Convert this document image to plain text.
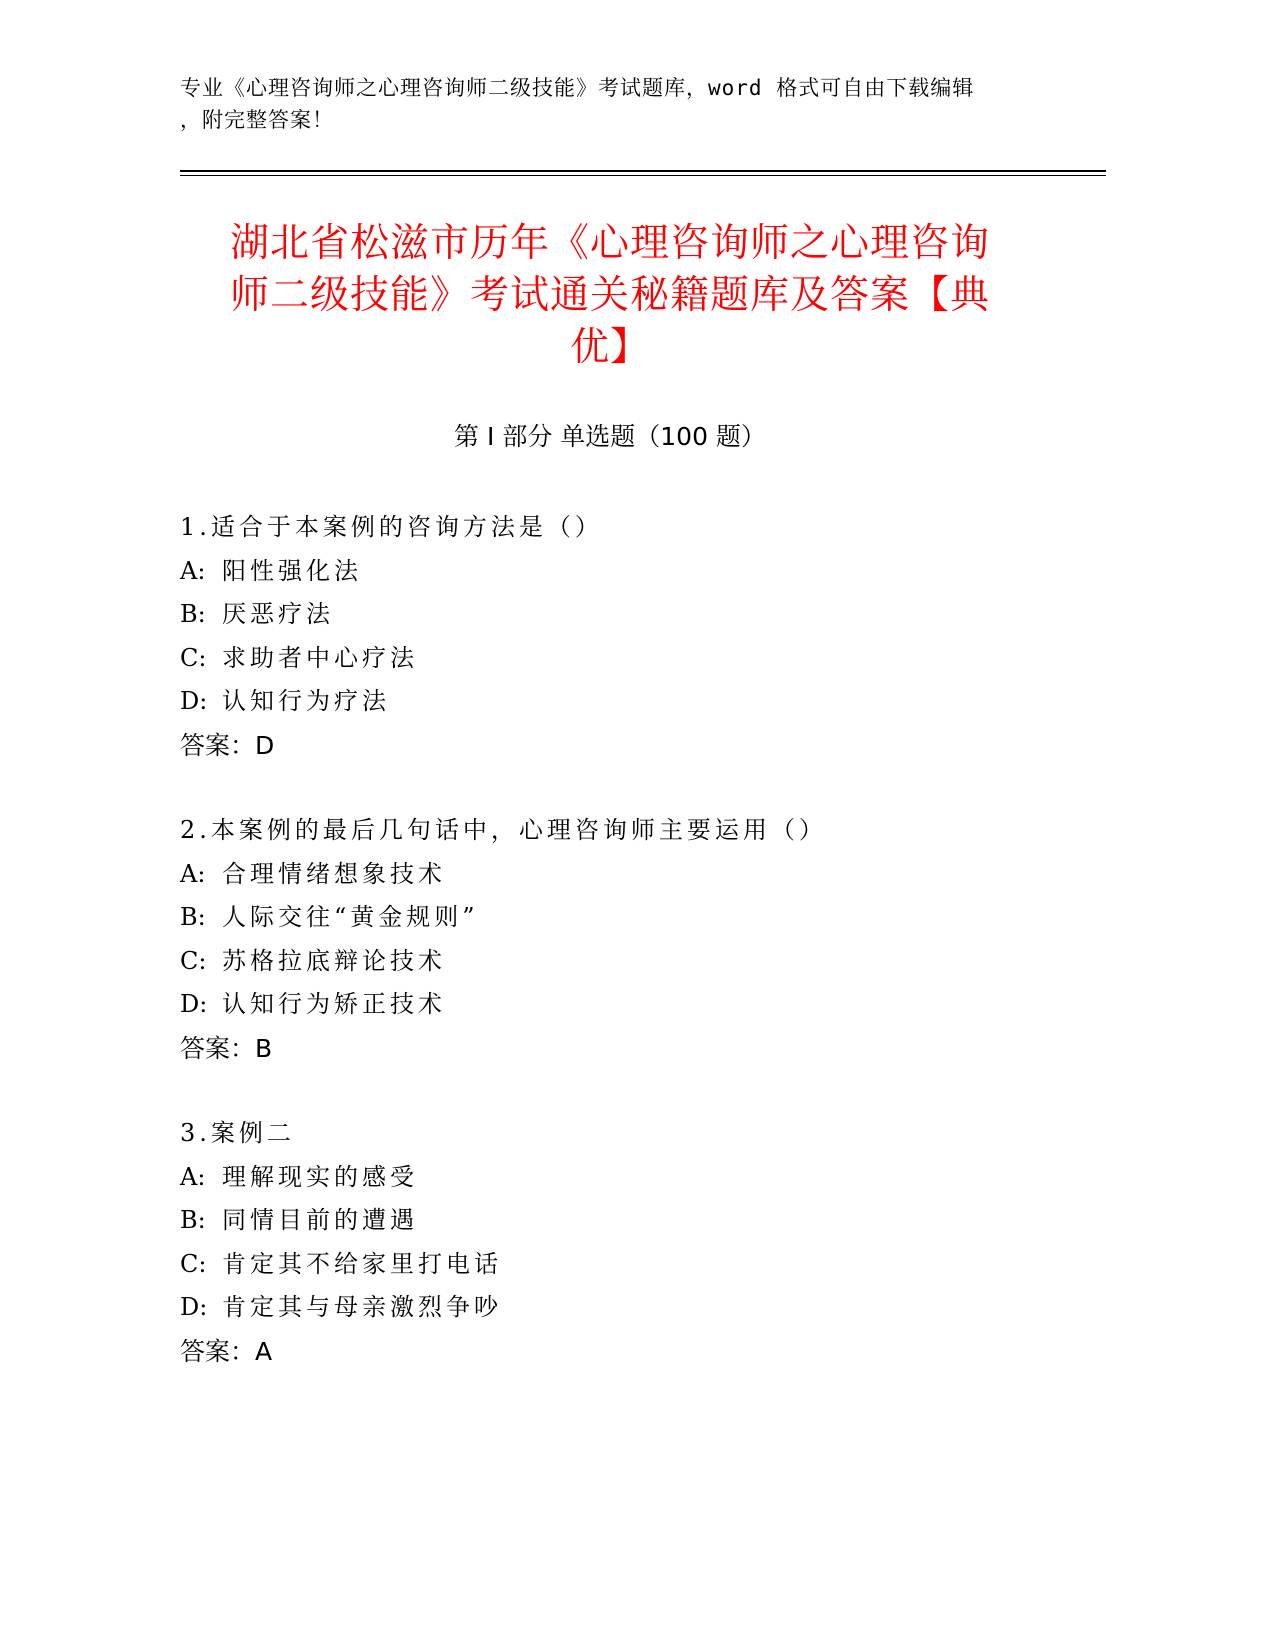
专业《心理咨询师之心理咨询师二级技能》考试题库，word 格式可自由下载编辑
，附完整答案！
湖北省松滋市历年《心理咨询师之心理咨询
师二级技能》考试通关秘籍题库及答案【典
优】
第 I 部分 单选题（100 题）
1.适合于本案例的咨询方法是（）
A: 阳性强化法
B: 厌恶疗法
C: 求助者中心疗法
D: 认知行为疗法
答案：D
2.本案例的最后几句话中，心理咨询师主要运用（）
A: 合理情绪想象技术
B: 人际交往“黄金规则”
C: 苏格拉底辩论技术
D: 认知行为矫正技术
答案：B
3.案例二
A: 理解现实的感受
B: 同情目前的遭遇
C: 肯定其不给家里打电话
D: 肯定其与母亲激烈争吵
答案：A
